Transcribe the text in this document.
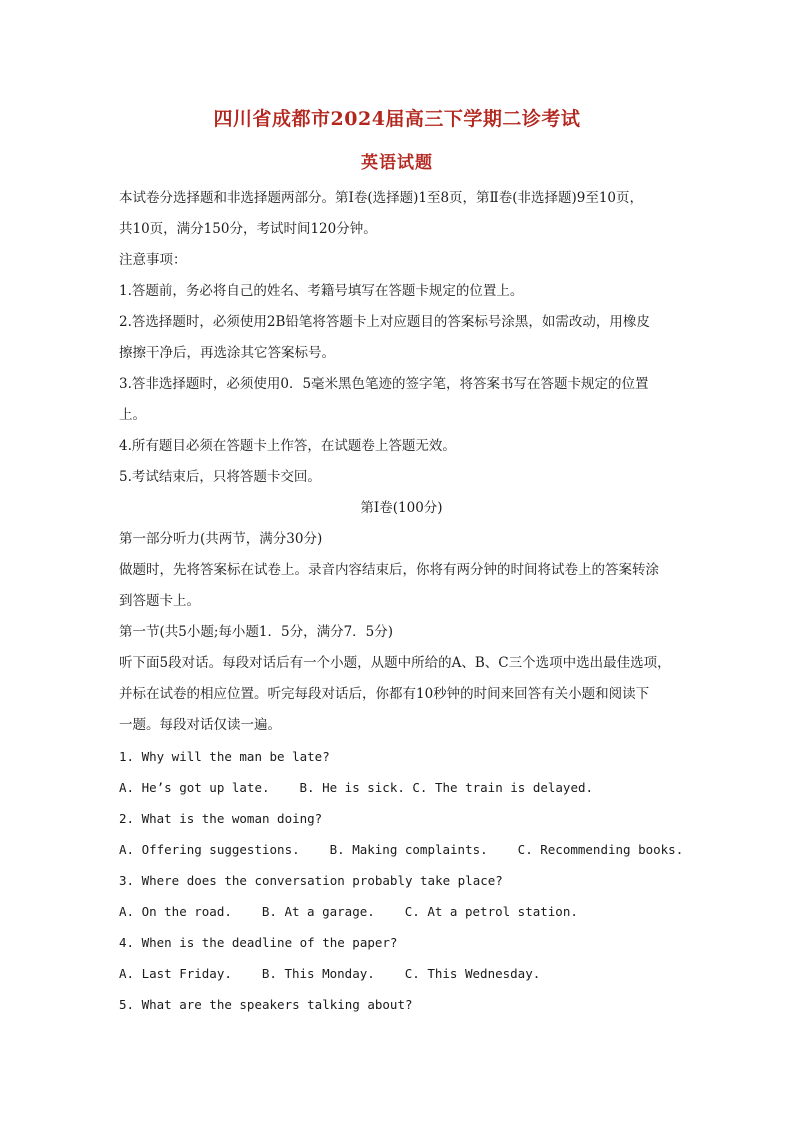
四川省成都市2024届高三下学期二诊考试
英语试题

本试卷分选择题和非选择题两部分。第Ⅰ卷(选择题)1至8页，第Ⅱ卷(非选择题)9至10页，

共10页，满分150分，考试时间120分钟。

注意事项：

1.答题前，务必将自己的姓名、考籍号填写在答题卡规定的位置上。

2.答选择题时，必须使用2B铅笔将答题卡上对应题目的答案标号涂黑，如需改动，用橡皮

擦擦干净后，再选涂其它答案标号。

3.答非选择题时，必须使用0．5毫米黑色笔迹的签字笔，将答案书写在答题卡规定的位置

上。

4.所有题目必须在答题卡上作答，在试题卷上答题无效。

5.考试结束后，只将答题卡交回。

第Ⅰ卷(100分)

第一部分听力(共两节，满分30分)

做题时，先将答案标在试卷上。录音内容结束后，你将有两分钟的时间将试卷上的答案转涂

到答题卡上。

第一节(共5小题;每小题1．5分，满分7．5分)

听下面5段对话。每段对话后有一个小题，从题中所给的A、B、C三个选项中选出最佳选项，

并标在试卷的相应位置。听完每段对话后，你都有10秒钟的时间来回答有关小题和阅读下

一题。每段对话仅读一遍。

1. Why will the man be late?

A. He’s got up late. B. He is sick. C. The train is delayed.

2. What is the woman doing?

A. Offering suggestions. B. Making complaints. C. Recommending books.

3. Where does the conversation probably take place?

A. On the road. B. At a garage. C. At a petrol station.

4. When is the deadline of the paper?

A. Last Friday. B. This Monday. C. This Wednesday.

5. What are the speakers talking about?
